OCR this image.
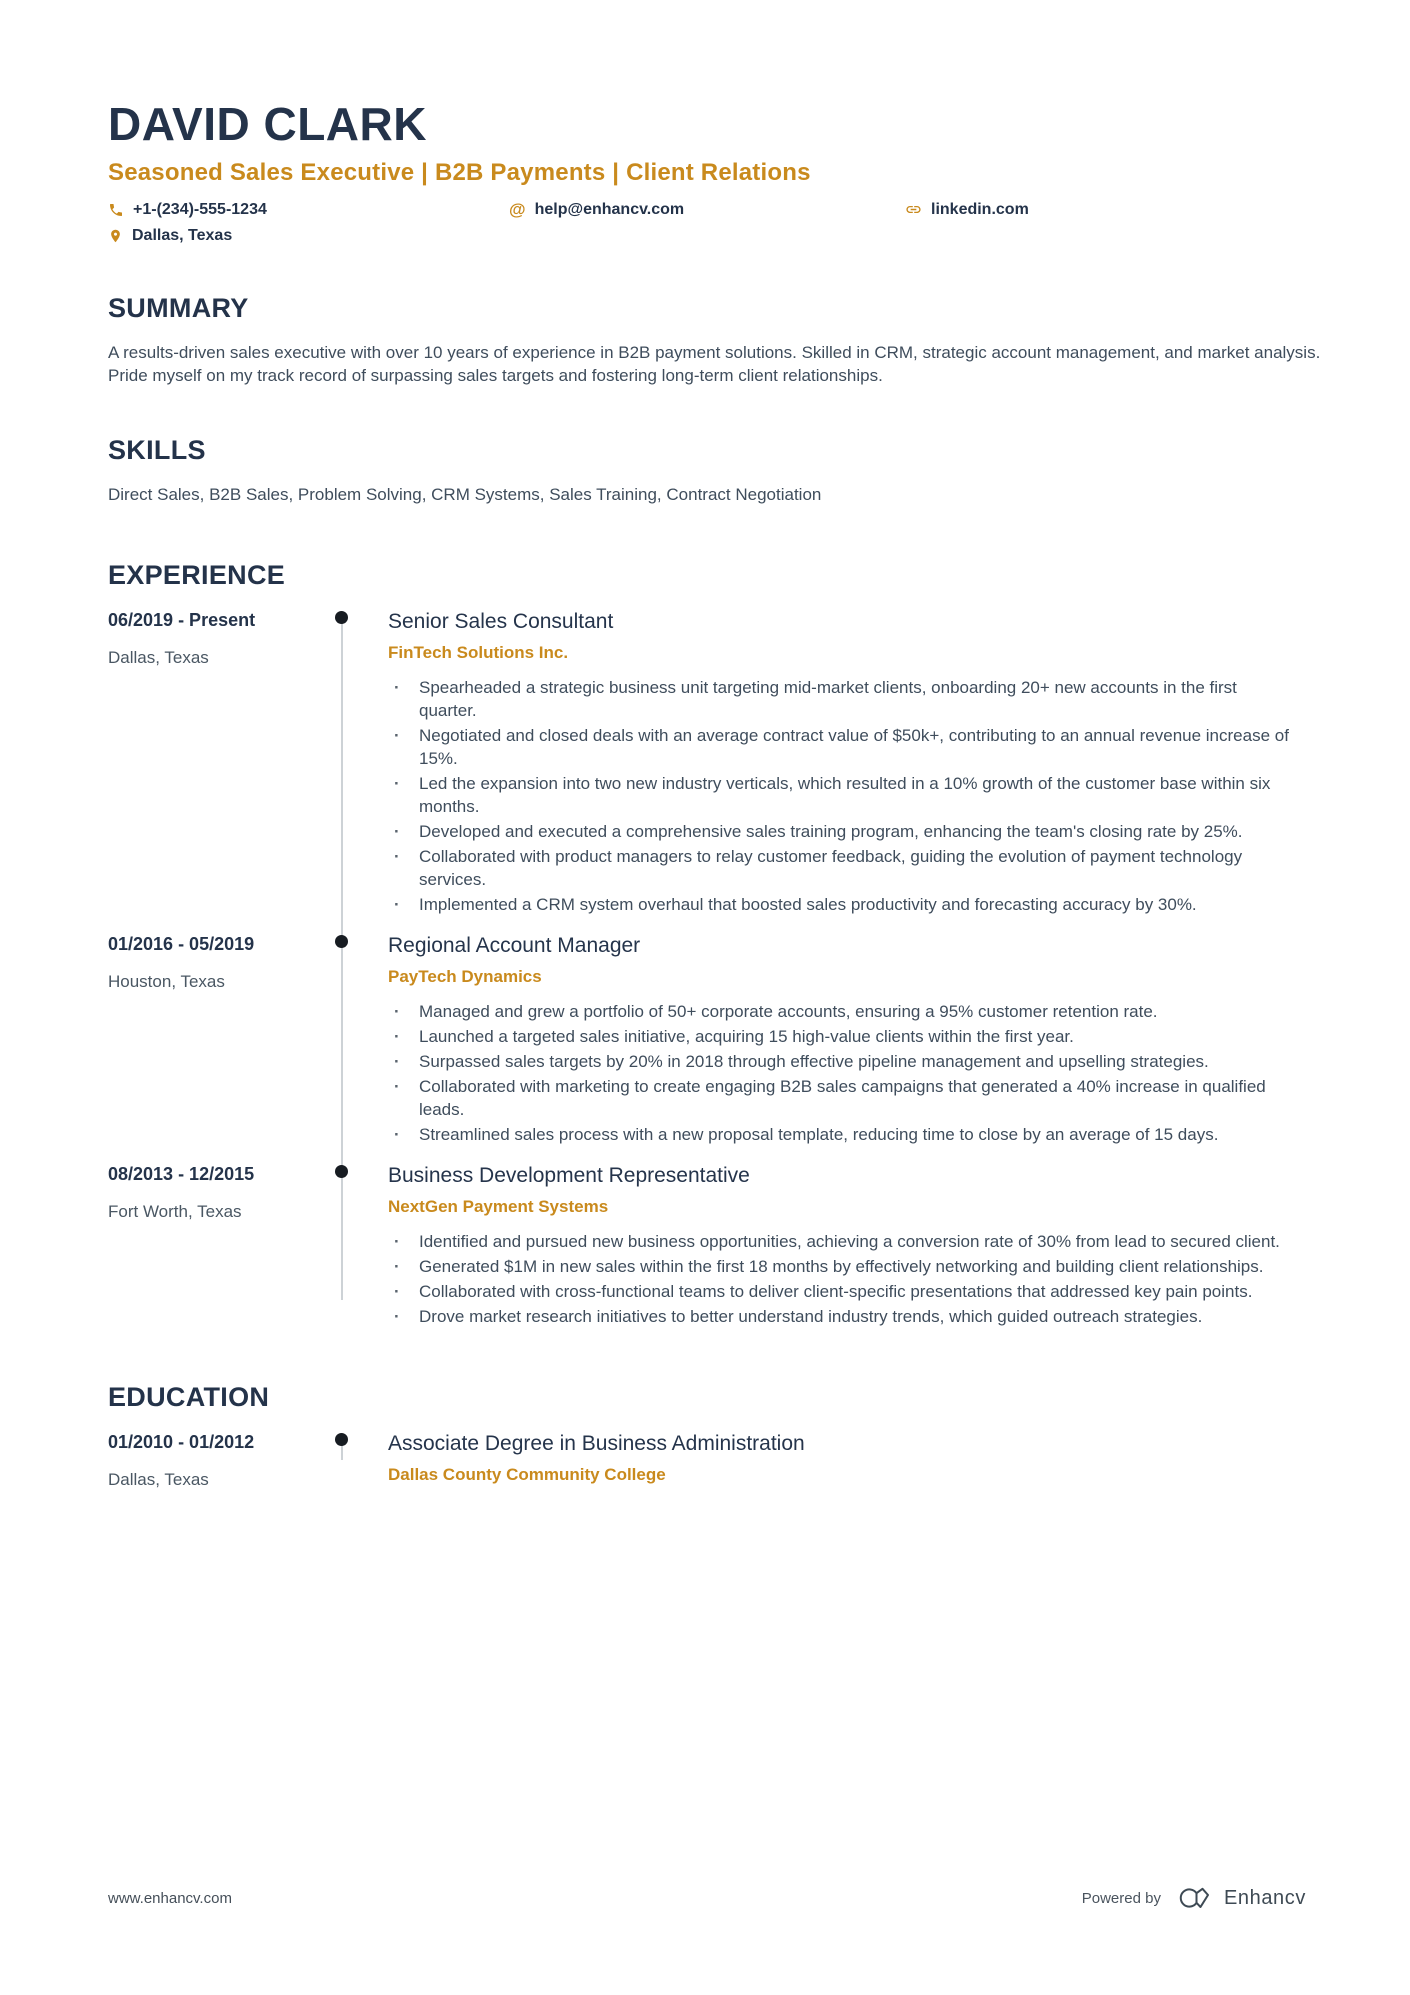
DAVID CLARK
Seasoned Sales Executive | B2B Payments | Client Relations
+1-(234)-555-1234	@ help@enhancv.com	linkedin.com
Dallas, Texas
SUMMARY

A results-driven sales executive with over 10 years of experience in B2B payment solutions. Skilled in CRM, strategic account management, and market analysis. Pride myself on my track record of surpassing sales targets and fostering long-term client relationships.

SKILLS

Direct Sales, B2B Sales, Problem Solving, CRM Systems, Sales Training, Contract Negotiation

EXPERIENCE
06/2019 - Present
Dallas, Texas
Senior Sales Consultant
FinTech Solutions Inc.
· Spearheaded a strategic business unit targeting mid-market clients, onboarding 20+ new accounts in the first quarter.
· Negotiated and closed deals with an average contract value of $50k+, contributing to an annual revenue increase of 15%.
· Led the expansion into two new industry verticals, which resulted in a 10% growth of the customer base within six months.
· Developed and executed a comprehensive sales training program, enhancing the team's closing rate by 25%.
· Collaborated with product managers to relay customer feedback, guiding the evolution of payment technology services.
· Implemented a CRM system overhaul that boosted sales productivity and forecasting accuracy by 30%.
01/2016 - 05/2019
Houston, Texas
Regional Account Manager
PayTech Dynamics
· Managed and grew a portfolio of 50+ corporate accounts, ensuring a 95% customer retention rate.
· Launched a targeted sales initiative, acquiring 15 high-value clients within the first year.
· Surpassed sales targets by 20% in 2018 through effective pipeline management and upselling strategies.
· Collaborated with marketing to create engaging B2B sales campaigns that generated a 40% increase in qualified leads.
· Streamlined sales process with a new proposal template, reducing time to close by an average of 15 days.
08/2013 - 12/2015
Fort Worth, Texas
Business Development Representative
NextGen Payment Systems
· Identified and pursued new business opportunities, achieving a conversion rate of 30% from lead to secured client.
· Generated $1M in new sales within the first 18 months by effectively networking and building client relationships.
· Collaborated with cross-functional teams to deliver client-specific presentations that addressed key pain points.
· Drove market research initiatives to better understand industry trends, which guided outreach strategies.
EDUCATION
01/2010 - 01/2012
Dallas, Texas
Associate Degree in Business Administration
Dallas County Community College
www.enhancv.com	Powered by	Enhancv
